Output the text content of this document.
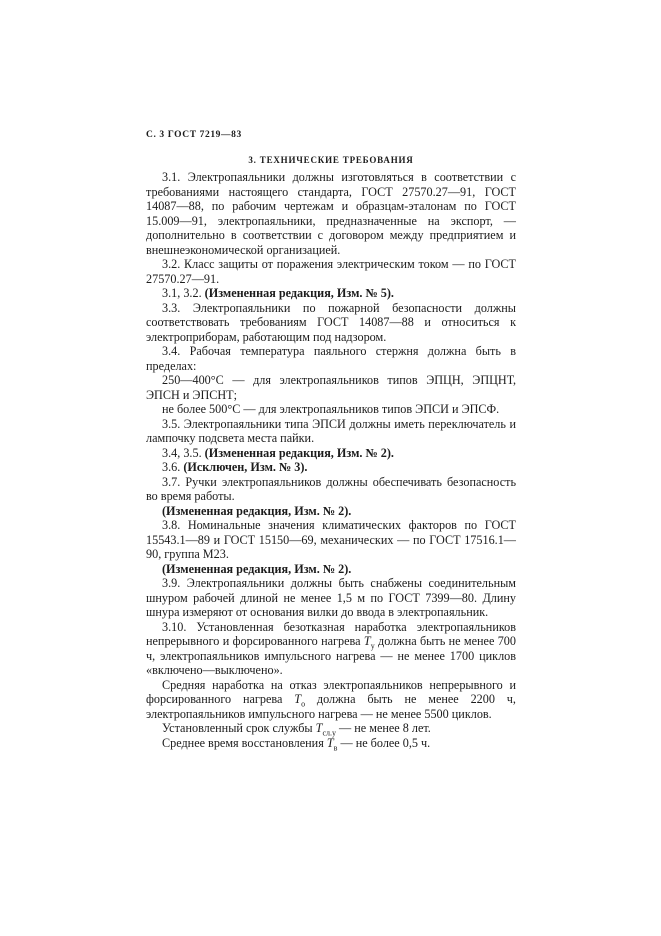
С. 3 ГОСТ 7219—83
3. ТЕХНИЧЕСКИЕ ТРЕБОВАНИЯ

3.1. Электропаяльники должны изготовляться в соответствии с требованиями настоящего стандарта, ГОСТ 27570.27—91, ГОСТ 14087—88, по рабочим чертежам и образцам-эталонам по ГОСТ 15.009—91, электропаяльники, предназначенные на экспорт, — дополнительно в соответствии с договором между предприятием и внешнеэкономической организацией.

3.2. Класс защиты от поражения электрическим током — по ГОСТ 27570.27—91.

3.1, 3.2. (Измененная редакция, Изм. № 5).

3.3. Электропаяльники по пожарной безопасности должны соответствовать требованиям ГОСТ 14087—88 и относиться к электроприборам, работающим под надзором.

3.4. Рабочая температура паяльного стержня должна быть в пределах:

250—400°С — для электропаяльников типов ЭПЦН, ЭПЦНТ, ЭПСН и ЭПСНТ;

не более 500°С — для электропаяльников типов ЭПСИ и ЭПСФ.

3.5. Электропаяльники типа ЭПСИ должны иметь переключатель и лампочку подсвета места пайки.

3.4, 3.5. (Измененная редакция, Изм. № 2).

3.6. (Исключен, Изм. № 3).

3.7. Ручки электропаяльников должны обеспечивать безопасность во время работы.

(Измененная редакция, Изм. № 2).

3.8. Номинальные значения климатических факторов по ГОСТ 15543.1—89 и ГОСТ 15150—69, механических — по ГОСТ 17516.1—90, группа М23.

(Измененная редакция, Изм. № 2).

3.9. Электропаяльники должны быть снабжены соединительным шнуром рабочей длиной не менее 1,5 м по ГОСТ 7399—80. Длину шнура измеряют от основания вилки до ввода в электропаяльник.

3.10. Установленная безотказная наработка электропаяльников непрерывного и форсированного нагрева $T_у$ должна быть не менее 700 ч, электропаяльников импульсного нагрева — не менее 1700 циклов «включено—выключено».

Средняя наработка на отказ электропаяльников непрерывного и форсированного нагрева $T_о$ должна быть не менее 2200 ч, электропаяльников импульсного нагрева — не менее 5500 циклов.

Установленный срок службы $T_{сл.у}$ — не менее 8 лет.

Среднее время восстановления $T_в$ — не более 0,5 ч.
